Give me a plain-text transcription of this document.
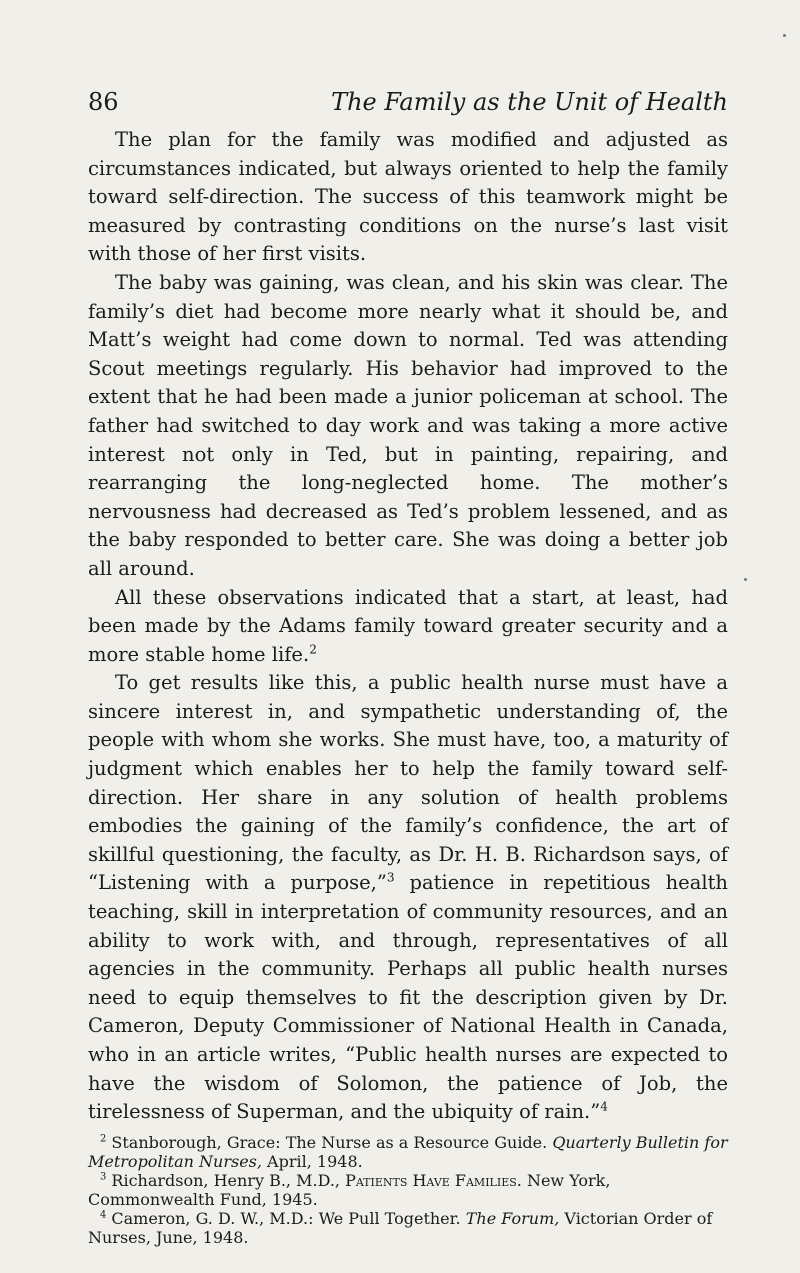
86	The Family as the Unit of Health

The plan for the family was modified and adjusted as circumstances indicated, but always oriented to help the family toward self-direction. The success of this teamwork might be measured by contrasting conditions on the nurse’s last visit with those of her first visits.

The baby was gaining, was clean, and his skin was clear. The family’s diet had become more nearly what it should be, and Matt’s weight had come down to normal. Ted was attending Scout meetings regularly. His behavior had improved to the extent that he had been made a junior policeman at school. The father had switched to day work and was taking a more active interest not only in Ted, but in painting, repairing, and rearranging the long-neglected home. The mother’s nervousness had decreased as Ted’s problem lessened, and as the baby responded to better care. She was doing a better job all around.

All these observations indicated that a start, at least, had been made by the Adams family toward greater security and a more stable home life.$^2$

To get results like this, a public health nurse must have a sincere interest in, and sympathetic understanding of, the people with whom she works. She must have, too, a maturity of judgment which enables her to help the family toward self-direction. Her share in any solution of health problems embodies the gaining of the family’s confidence, the art of skillful questioning, the faculty, as Dr. H. B. Richardson says, of “Listening with a purpose,”$^3$ patience in repetitious health teaching, skill in interpretation of community resources, and an ability to work with, and through, representatives of all agencies in the community. Perhaps all public health nurses need to equip themselves to fit the description given by Dr. Cameron, Deputy Commissioner of National Health in Canada, who in an article writes, “Public health nurses are expected to have the wisdom of Solomon, the patience of Job, the tirelessness of Superman, and the ubiquity of rain.”$^4$

$^2$ Stanborough, Grace: The Nurse as a Resource Guide. Quarterly Bulletin for Metropolitan Nurses, April, 1948.

$^3$ Richardson, Henry B., M.D., Patients Have Families. New York, Commonwealth Fund, 1945.

$^4$ Cameron, G. D. W., M.D.: We Pull Together. The Forum, Victorian Order of Nurses, June, 1948.
